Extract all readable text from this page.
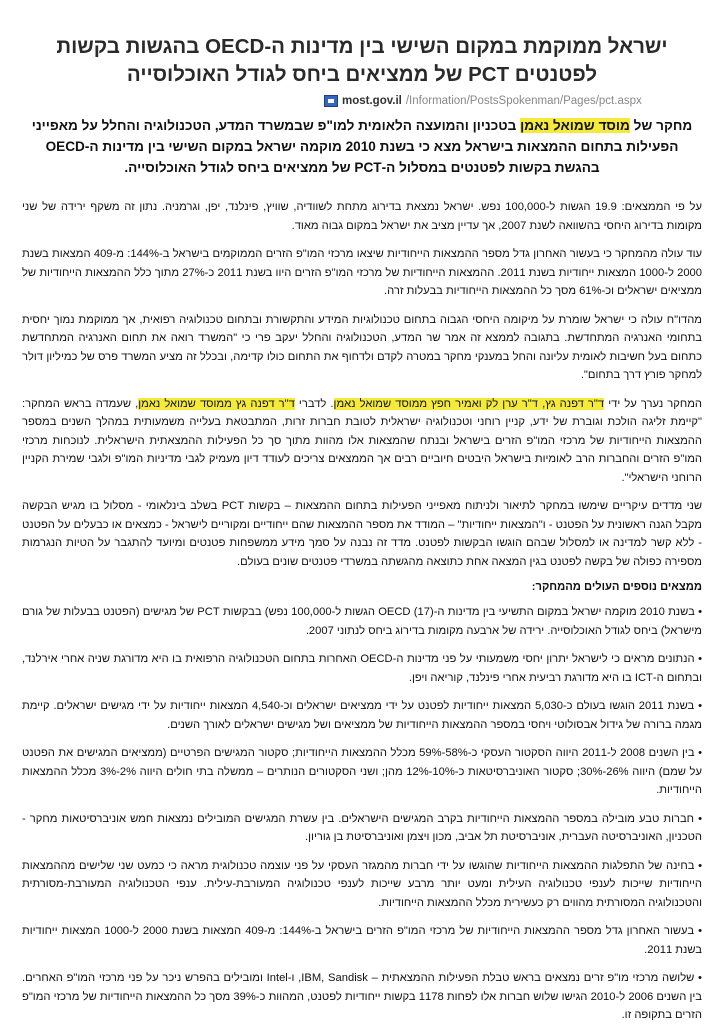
ישראל ממוקמת במקום השישי בין מדינות ה-OECD בהגשות בקשות
לפטנטים PCT של ממציאים ביחס לגודל האוכלוסייה
most.gov.il /Information/PostsSpokenman/Pages/pct.aspx
מחקר של מוסד שמואל נאמן בטכניון והמועצה הלאומית למו"פ שבמשרד המדע, הטכנולוגיה והחלל על מאפייני הפעילות בתחום ההמצאות בישראל מצא כי בשנת 2010 מוקמה ישראל במקום השישי בין מדינות ה-OECD בהגשת בקשות לפטנטים במסלול ה-PCT של ממציאים ביחס לגודל האוכלוסייה.

על פי הממצאים: 19.9 הגשות ל-100,000 נפש. ישראל נמצאת בדירוג מתחת לשוודיה, שוויץ, פינלנד, יפן, וגרמניה. נתון זה משקף ירידה של שני מקומות בדירוג היחסי בהשוואה לשנת 2007, אך עדיין מציב את ישראל במקום גבוה מאוד.

עוד עולה מהמחקר כי בעשור האחרון גדל מספר ההמצאות הייחודיות שיצאו מרכזי המו"פ הזרים הממוקמים בישראל ב-144%: מ-409 המצאות בשנת 2000 ל-1000 המצאות ייחודיות בשנת 2011. ההמצאות הייחודיות של מרכזי המו"פ הזרים היוו בשנת 2011 כ-27% מתוך כלל ההמצאות הייחודיות של ממציאים ישראלים וכ-61% מסך כל ההמצאות הייחודיות בבעלות זרה.

מהדו"ח עולה כי ישראל שומרת על מיקומה היחסי הגבוה בתחום טכנולוגיות המידע והתקשורת ובתחום טכנולוגיה רפואית, אך ממוקמת נמוך יחסית בתחומי האנרגיה המתחדשת. בתגובה לממצא זה אמר שר המדע, הטכנולוגיה והחלל יעקב פרי כי "המשרד רואה את תחום האנרגיה המתחדשת כתחום בעל חשיבות לאומית עליונה והחל במענקי מחקר במטרה לקדם ולדחוף את התחום כולו קדימה, ובכלל זה מציע המשרד פרס של כמיליון דולר למחקר פורץ דרך בתחום".

המחקר נערך על ידי ד"ר דפנה גץ, ד"ר ערן לק ואמיר חפץ ממוסד שמואל נאמן. לדברי ד"ר דפנה גץ ממוסד שמואל נאמן, שעמדה בראש המחקר: "קיימת זליגה הולכת וגוברת של ידע, קניין רוחני וטכנולוגיה ישראלית לטובת חברות זרות, המתבטאת בעלייה משמעותית במהלך השנים במספר ההמצאות הייחודיות של מרכזי המו"פ הזרים בישראל ובנתח שהמצאות אלו מהוות מתוך סך כל הפעילות ההמצאתית הישראלית. לנוכחות מרכזי המו"פ הזרים והחברות הרב לאומיות בישראל היבטים חיוביים רבים אך הממצאים צריכים לעודד דיון מעמיק לגבי מדיניות המו"פ ולגבי שמירת הקניין הרוחני הישראלי".

שני מדדים עיקריים שימשו במחקר לתיאור ולניתוח מאפייני הפעילות בתחום ההמצאות – בקשות PCT בשלב בינלאומי - מסלול בו מגיש הבקשה מקבל הגנה ראשונית על הפטנט - ו"המצאות ייחודיות" – המודד את מספר ההמצאות שהם ייחודיים ומקוריים לישראל - כמצאים או כבעלים על הפטנט - ללא קשר למדינה או למסלול שבהם הוגשו הבקשות לפטנט. מדד זה נבנה על סמך מידע ממשפחות פטנטים ומיועד להתגבר על הטיות הנגרמות מספירה כפולה של בקשה לפטנט בגין המצאה אחת כתוצאה מהגשתה במשרדי פטנטים שונים בעולם.

ממצאים נוספים העולים מהמחקר:

• בשנת 2010 מוקמה ישראל במקום התשיעי בין מדינות ה-OECD (17) הגשות ל-100,000 נפש) בבקשות PCT של מגישים (הפטנט בבעלות של גורם מישראל) ביחס לגודל האוכלוסייה. ירידה של ארבעה מקומות בדירוג ביחס לנתוני 2007.

• הנתונים מראים כי לישראל יתרון יחסי משמעותי על פני מדינות ה-OECD האחרות בתחום הטכנולוגיה הרפואית בו היא מדורגת שניה אחרי אירלנד, ובתחום ה-ICT בו היא מדורגת רביעית אחרי פינלנד, קוריאה ויפן.

• בשנת 2011 הוגשו בעולם כ-5,030 המצאות ייחודיות לפטנט על ידי ממציאים ישראלים וכ-4,540 המצאות ייחודיות על ידי מגישים ישראלים. קיימת מגמה ברורה של גידול אבסולוטי ויחסי במספר ההמצאות הייחודיות של ממציאים ושל מגישים ישראלים לאורך השנים.

• בין השנים 2008 ל-2011 היווה הסקטור העסקי כ-58%-59% מכלל ההמצאות הייחודיות; סקטור המגישים הפרטיים (ממציאים המגישים את הפטנט על שמם) היווה 26%-30%; סקטור האוניברסיטאות כ-10%-12% מהן; ושני הסקטורים הנותרים – ממשלה בתי חולים היווה 2%-3% מכלל ההמצאות הייחודיות.

• חברות טבע מובילה במספר ההמצאות הייחודיות בקרב המגישים הישראלים. בין עשרת המגישים המובילים נמצאות חמש אוניברסיטאות מחקר - הטכניון, האוניברסיטה העברית, אוניברסיטת תל אביב, מכון ויצמן ואוניברסיטת בן גוריון.

• בחינה של התפלגות ההמצאות הייחודיות שהוגשו על ידי חברות מהמגזר העסקי על פני עוצמה טכנולוגית מראה כי כמעט שני שלישים מההמצאות הייחודיות שייכות לענפי טכנולוגיה העילית ומעט יותר מרבע שייכות לענפי טכנולוגיה המעורבת-עילית. ענפי הטכנולוגיה המעורבת-מסורתית והטכנולוגיה המסורתית מהווים רק כעשירית מכלל ההמצאות הייחודיות.

• בעשור האחרון גדל מספר ההמצאות הייחודיות של מרכזי המו"פ הזרים בישראל ב-144%: מ-409 המצאות בשנת 2000 ל-1000 המצאות ייחודיות בשנת 2011.

• שלושה מרכזי מו"פ זרים נמצאים בראש טבלת הפעילות ההמצאתית – IBM, Sandisk, ו-Intel ומובילים בהפרש ניכר על פני מרכזי המו"פ האחרים. בין השנים 2006 ל-2010 הגישו שלוש חברות אלו לפחות 1178 בקשות ייחודיות לפטנט, המהוות כ-39% מסך כל ההמצאות הייחודיות של מרכזי המו"פ הזרים בתקופה זו.
